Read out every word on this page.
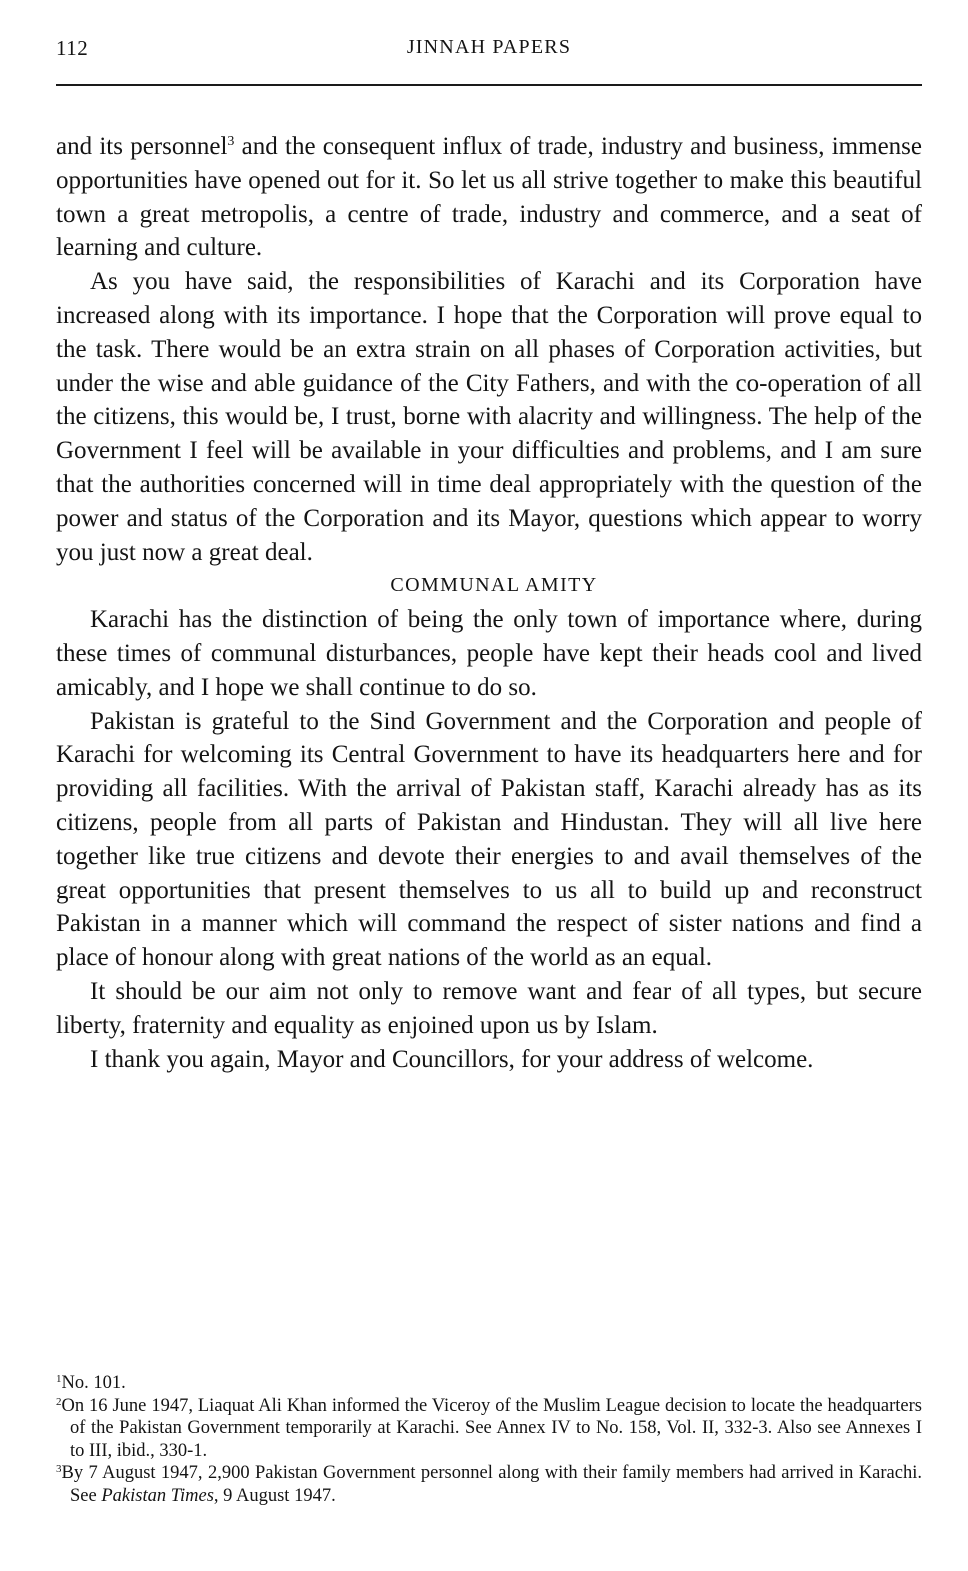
112	JINNAH PAPERS

and its personnel$^3$ and the consequent influx of trade, industry and business, immense opportunities have opened out for it. So let us all strive together to make this beautiful town a great metropolis, a centre of trade, industry and commerce, and a seat of learning and culture.

As you have said, the responsibilities of Karachi and its Corporation have increased along with its importance. I hope that the Corporation will prove equal to the task. There would be an extra strain on all phases of Corporation activities, but under the wise and able guidance of the City Fathers, and with the co-operation of all the citizens, this would be, I trust, borne with alacrity and willingness. The help of the Government I feel will be available in your difficulties and problems, and I am sure that the authorities concerned will in time deal appropriately with the question of the power and status of the Corporation and its Mayor, questions which appear to worry you just now a great deal.

COMMUNAL AMITY

Karachi has the distinction of being the only town of importance where, during these times of communal disturbances, people have kept their heads cool and lived amicably, and I hope we shall continue to do so.

Pakistan is grateful to the Sind Government and the Corporation and people of Karachi for welcoming its Central Government to have its headquarters here and for providing all facilities. With the arrival of Pakistan staff, Karachi already has as its citizens, people from all parts of Pakistan and Hindustan. They will all live here together like true citizens and devote their energies to and avail themselves of the great opportunities that present themselves to us all to build up and reconstruct Pakistan in a manner which will command the respect of sister nations and find a place of honour along with great nations of the world as an equal.

It should be our aim not only to remove want and fear of all types, but secure liberty, fraternity and equality as enjoined upon us by Islam.

I thank you again, Mayor and Councillors, for your address of welcome.

$^1$No. 101.

$^2$On 16 June 1947, Liaquat Ali Khan informed the Viceroy of the Muslim League decision to locate the headquarters of the Pakistan Government temporarily at Karachi. See Annex IV to No. 158, Vol. II, 332-3. Also see Annexes I to III, ibid., 330-1.

$^3$By 7 August 1947, 2,900 Pakistan Government personnel along with their family members had arrived in Karachi. See Pakistan Times, 9 August 1947.
